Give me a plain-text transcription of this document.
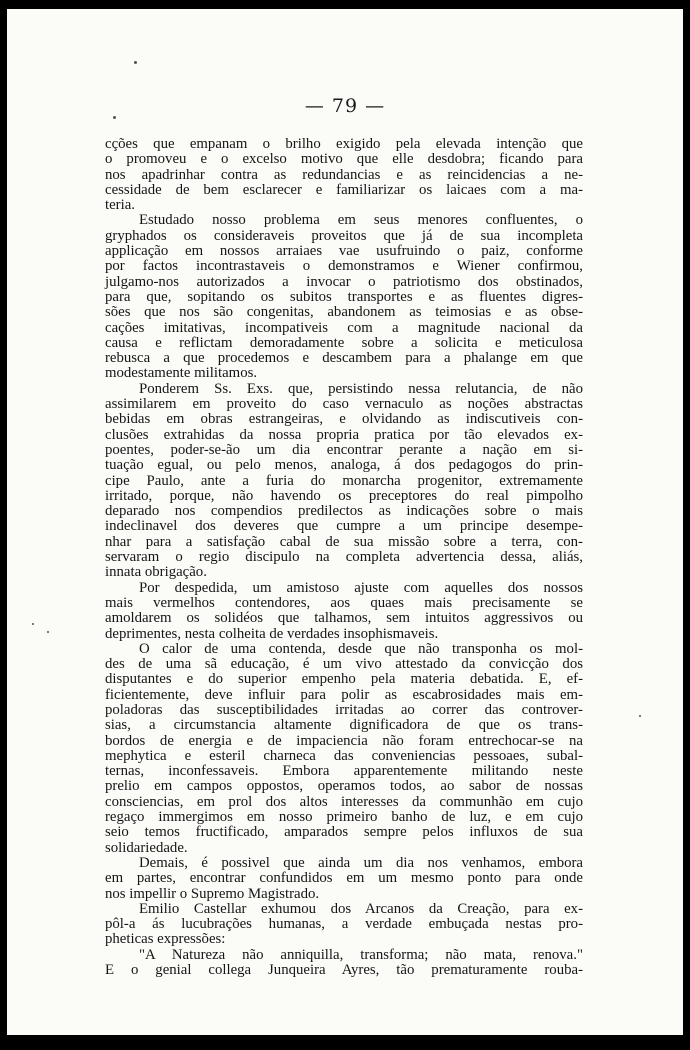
— 79 —
cções que empanam o brilho exigido pela elevada intenção que
o promoveu e o excelso motivo que elle desdobra; ficando para
nos apadrinhar contra as redundancias e as reincidencias a ne-
cessidade de bem esclarecer e familiarizar os laicaes com a ma-
teria.
Estudado nosso problema em seus menores confluentes, o
gryphados os consideraveis proveitos que já de sua incompleta
applicação em nossos arraiaes vae usufruindo o paiz, conforme
por factos incontrastaveis o demonstramos e Wiener confirmou,
julgamo-nos autorizados a invocar o patriotismo dos obstinados,
para que, sopitando os subitos transportes e as fluentes digres-
sões que nos são congenitas, abandonem as teimosias e as obse-
cações imitativas, incompativeis com a magnitude nacional da
causa e reflictam demoradamente sobre a solicita e meticulosa
rebusca a que procedemos e descambem para a phalange em que
modestamente militamos.
Ponderem Ss. Exs. que, persistindo nessa relutancia, de não
assimilarem em proveito do caso vernaculo as noções abstractas
bebidas em obras estrangeiras, e olvidando as indiscutiveis con-
clusões extrahidas da nossa propria pratica por tão elevados ex-
poentes, poder-se-ão um dia encontrar perante a nação em si-
tuação egual, ou pelo menos, analoga, á dos pedagogos do prin-
cipe Paulo, ante a furia do monarcha progenitor, extremamente
irritado, porque, não havendo os preceptores do real pimpolho
deparado nos compendios predilectos as indicações sobre o mais
indeclinavel dos deveres que cumpre a um principe desempe-
nhar para a satisfação cabal de sua missão sobre a terra, con-
servaram o regio discipulo na completa advertencia dessa, aliás,
innata obrigação.
Por despedida, um amistoso ajuste com aquelles dos nossos
mais vermelhos contendores, aos quaes mais precisamente se
amoldarem os solidéos que talhamos, sem intuitos aggressivos ou
deprimentes, nesta colheita de verdades insophismaveis.
O calor de uma contenda, desde que não transponha os mol-
des de uma sã educação, é um vivo attestado da convicção dos
disputantes e do superior empenho pela materia debatida. E, ef-
ficientemente, deve influir para polir as escabrosidades mais em-
poladoras das susceptibilidades irritadas ao correr das controver-
sias, a circumstancia altamente dignificadora de que os trans-
bordos de energia e de impaciencia não foram entrechocar-se na
mephytica e esteril charneca das conveniencias pessoaes, subal-
ternas, inconfessaveis. Embora apparentemente militando neste
prelio em campos oppostos, operamos todos, ao sabor de nossas
consciencias, em prol dos altos interesses da communhão em cujo
regaço immergimos em nosso primeiro banho de luz, e em cujo
seio temos fructificado, amparados sempre pelos influxos de sua
solidariedade.
Demais, é possivel que ainda um dia nos venhamos, embora
em partes, encontrar confundidos em um mesmo ponto para onde
nos impellir o Supremo Magistrado.
Emilio Castellar exhumou dos Arcanos da Creação, para ex-
pôl-a ás lucubrações humanas, a verdade embuçada nestas pro-
pheticas expressões:
"A Natureza não anniquilla, transforma; não mata, renova."
E o genial collega Junqueira Ayres, tão prematuramente rouba-
